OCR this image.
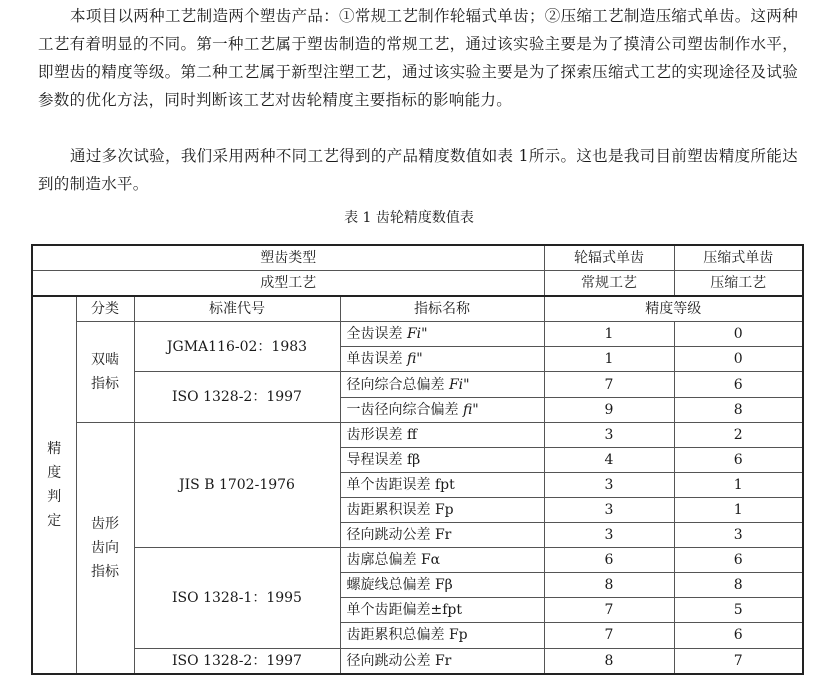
本项目以两种工艺制造两个塑齿产品：①常规工艺制作轮辐式单齿；②压缩工艺制造压缩式单齿。这两种工艺有着明显的不同。第一种工艺属于塑齿制造的常规工艺，通过该实验主要是为了摸清公司塑齿制作水平，即塑齿的精度等级。第二种工艺属于新型注塑工艺，通过该实验主要是为了探索压缩式工艺的实现途径及试验参数的优化方法，同时判断该工艺对齿轮精度主要指标的影响能力。

通过多次试验，我们采用两种不同工艺得到的产品精度数值如表 1所示。这也是我司目前塑齿精度所能达到的制造水平。

表 1 齿轮精度数值表
塑齿类型				轮辐式单齿	压缩式单齿
成型工艺				常规工艺	压缩工艺

精度判定	分类	标准代号	指标名称	精度等级	

	双啮指标	JGMA116-02：1983	全齿误差 Fi"	1	0
			单齿误差 fi"	1	0
		ISO 1328-2：1997	径向综合总偏差 Fi"	7	6
			一齿径向综合偏差 fi"	9	8

	齿形齿向指标	JIS B 1702-1976	齿形误差 ff	3	2
			导程误差 fβ	4	6
			单个齿距误差 fpt	3	1
			齿距累积误差 Fp	3	1
			径向跳动公差 Fr	3	3
		ISO 1328-1：1995	齿廓总偏差 Fα	6	6
			螺旋线总偏差 Fβ	8	8
			单个齿距偏差±fpt	7	5
			齿距累积总偏差 Fp	7	6
		ISO 1328-2：1997	径向跳动公差 Fr	8	7
